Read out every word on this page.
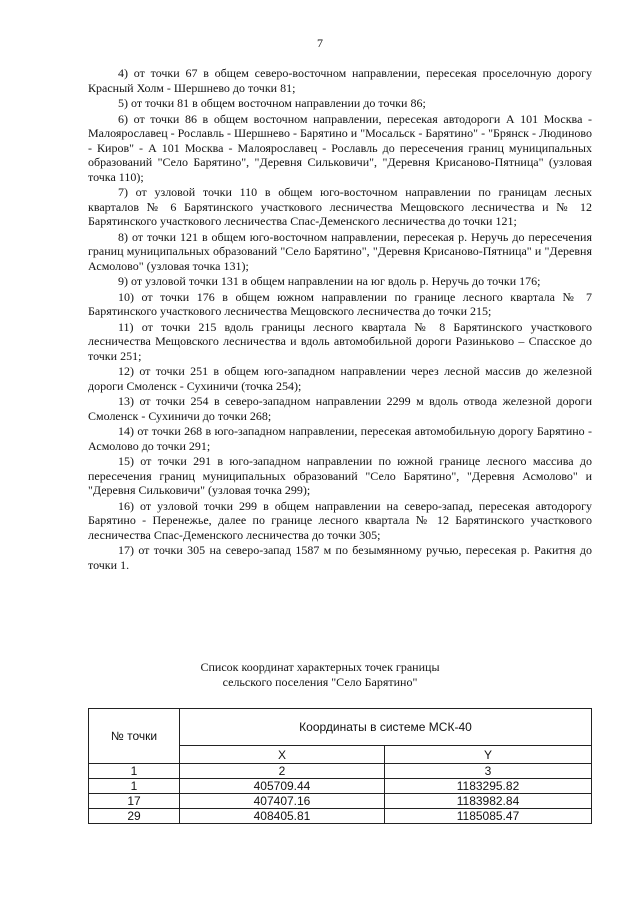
7

4) от точки 67 в общем северо-восточном направлении, пересекая проселочную дорогу Красный Холм - Шершнево до точки 81;

5) от точки 81 в общем восточном направлении до точки 86;

6) от точки 86 в общем восточном направлении, пересекая автодороги А 101 Москва - Малоярославец - Рославль - Шершнево - Барятино и "Мосальск - Барятино" - "Брянск - Людиново - Киров" - А 101 Москва - Малоярославец - Рославль до пересечения границ муниципальных образований "Село Барятино", "Деревня Сильковичи", "Деревня Крисаново-Пятница" (узловая точка 110);

7) от узловой точки 110 в общем юго-восточном направлении по границам лесных кварталов № 6 Барятинского участкового лесничества Мещовского лесничества и № 12 Барятинского участкового лесничества Спас-Деменского лесничества до точки 121;

8) от точки 121 в общем юго-восточном направлении, пересекая р. Неручь до пересечения границ муниципальных образований "Село Барятино", "Деревня Крисаново-Пятница" и "Деревня Асмолово" (узловая точка 131);

9) от узловой точки 131 в общем направлении на юг вдоль р. Неручь до точки 176;

10) от точки 176 в общем южном направлении по границе лесного квартала № 7 Барятинского участкового лесничества Мещовского лесничества до точки 215;

11) от точки 215 вдоль границы лесного квартала № 8 Барятинского участкового лесничества Мещовского лесничества и вдоль автомобильной дороги Разинькoво – Спасское до точки 251;

12) от точки 251 в общем юго-западном направлении через лесной массив до железной дороги Смоленск - Сухиничи (точка 254);

13) от точки 254 в северо-западном направлении 2299 м вдоль отвода железной дороги Смоленск - Сухиничи до точки 268;

14) от точки 268 в юго-западном направлении, пересекая автомобильную дорогу Барятино - Асмолово до точки 291;

15) от точки 291 в юго-западном направлении по южной границе лесного массива до пересечения границ муниципальных образований "Село Барятино", "Деревня Асмолово" и "Деревня Сильковичи" (узловая точка 299);

16) от узловой точки 299 в общем направлении на северо-запад, пересекая автодорогу Барятино - Перенежье, далее по границе лесного квартала № 12 Барятинского участкового лесничества Спас-Деменского лесничества до точки 305;

17) от точки 305 на северо-запад 1587 м по безымянному ручью, пересекая р. Ракитня до точки 1.

Список координат характерных точек границы
сельского поселения "Село Барятино"
№ точки	Координаты в системе МСК-40	
	X	Y
1	2	3
1	405709.44	1183295.82
17	407407.16	1183982.84
29	408405.81	1185085.47
